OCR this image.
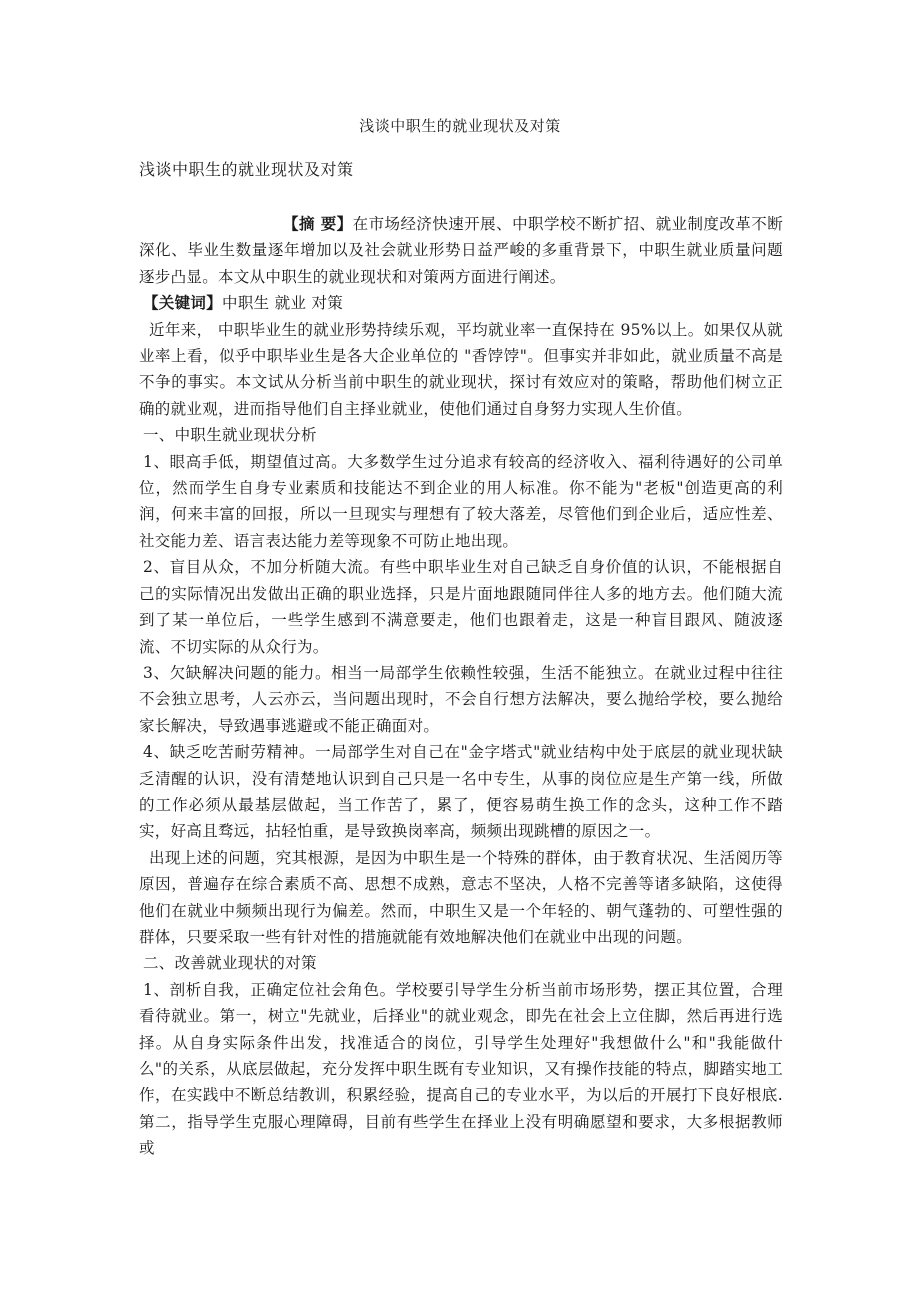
浅谈中职生的就业现状及对策
浅谈中职生的就业现状及对策

【摘 要】在市场经济快速开展、中职学校不断扩招、就业制度改革不断深化、毕业生数量逐年增加以及社会就业形势日益严峻的多重背景下，中职生就业质量问题逐步凸显。本文从中职生的就业现状和对策两方面进行阐述。

【关键词】中职生 就业 对策

近年来， 中职毕业生的就业形势持续乐观，平均就业率一直保持在 95%以上。如果仅从就业率上看，似乎中职毕业生是各大企业单位的 "香饽饽"。但事实并非如此，就业质量不高是不争的事实。本文试从分析当前中职生的就业现状，探讨有效应对的策略，帮助他们树立正确的就业观，进而指导他们自主择业就业，使他们通过自身努力实现人生价值。

一、中职生就业现状分析

1、眼高手低，期望值过高。大多数学生过分追求有较高的经济收入、福利待遇好的公司单位，然而学生自身专业素质和技能达不到企业的用人标准。你不能为"老板"创造更高的利润，何来丰富的回报，所以一旦现实与理想有了较大落差，尽管他们到企业后，适应性差、社交能力差、语言表达能力差等现象不可防止地出现。

2、盲目从众，不加分析随大流。有些中职毕业生对自己缺乏自身价值的认识，不能根据自己的实际情况出发做出正确的职业选择，只是片面地跟随同伴往人多的地方去。他们随大流到了某一单位后，一些学生感到不满意要走，他们也跟着走，这是一种盲目跟风、随波逐流、不切实际的从众行为。

3、欠缺解决问题的能力。相当一局部学生依赖性较强，生活不能独立。在就业过程中往往不会独立思考，人云亦云，当问题出现时，不会自行想方法解决，要么抛给学校，要么抛给家长解决，导致遇事逃避或不能正确面对。

4、缺乏吃苦耐劳精神。一局部学生对自己在"金字塔式"就业结构中处于底层的就业现状缺乏清醒的认识，没有清楚地认识到自己只是一名中专生，从事的岗位应是生产第一线，所做的工作必须从最基层做起，当工作苦了，累了，便容易萌生换工作的念头，这种工作不踏实，好高且骛远，拈轻怕重，是导致换岗率高，频频出现跳槽的原因之一。

出现上述的问题，究其根源，是因为中职生是一个特殊的群体，由于教育状况、生活阅历等原因，普遍存在综合素质不高、思想不成熟，意志不坚决，人格不完善等诸多缺陷，这使得他们在就业中频频出现行为偏差。然而，中职生又是一个年轻的、朝气蓬勃的、可塑性强的群体，只要采取一些有针对性的措施就能有效地解决他们在就业中出现的问题。

二、改善就业现状的对策

1、剖析自我，正确定位社会角色。学校要引导学生分析当前市场形势，摆正其位置，合理看待就业。第一，树立"先就业，后择业"的就业观念，即先在社会上立住脚，然后再进行选择。从自身实际条件出发，找准适合的岗位，引导学生处理好"我想做什么"和"我能做什么"的关系，从底层做起，充分发挥中职生既有专业知识，又有操作技能的特点，脚踏实地工作，在实践中不断总结教训，积累经验，提高自己的专业水平，为以后的开展打下良好根底. 第二，指导学生克服心理障碍，目前有些学生在择业上没有明确愿望和要求，大多根据教师或
